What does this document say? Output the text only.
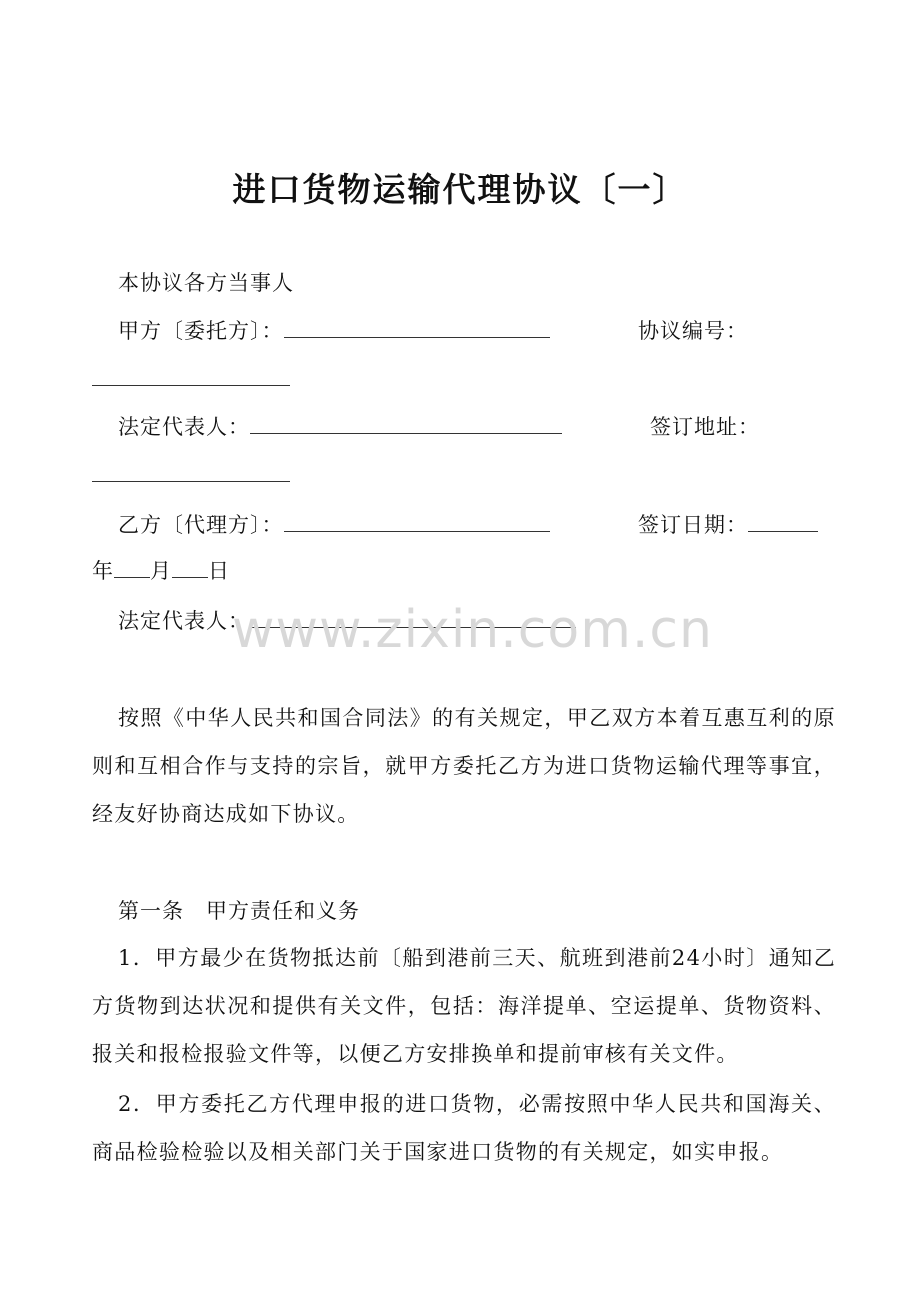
进口货物运输代理协议〔一〕
本协议各方当事人
甲方〔委托方〕：	协议编号：
法定代表人：	签订地址：
乙方〔代理方〕：	签订日期：
年 月 日
法定代表人：
www.zixin.com.cn
按照《中华人民共和国合同法》的有关规定，甲乙双方本着互惠互利的原则和互相合作与支持的宗旨，就甲方委托乙方为进口货物运输代理等事宜，经友好协商达成如下协议。
第一条　甲方责任和义务
1．甲方最少在货物抵达前〔船到港前三天、航班到港前24小时〕通知乙方货物到达状况和提供有关文件，包括：海洋提单、空运提单、货物资料、报关和报检报验文件等，以便乙方安排换单和提前审核有关文件。
2．甲方委托乙方代理申报的进口货物，必需按照中华人民共和国海关、商品检验检验以及相关部门关于国家进口货物的有关规定，如实申报。
